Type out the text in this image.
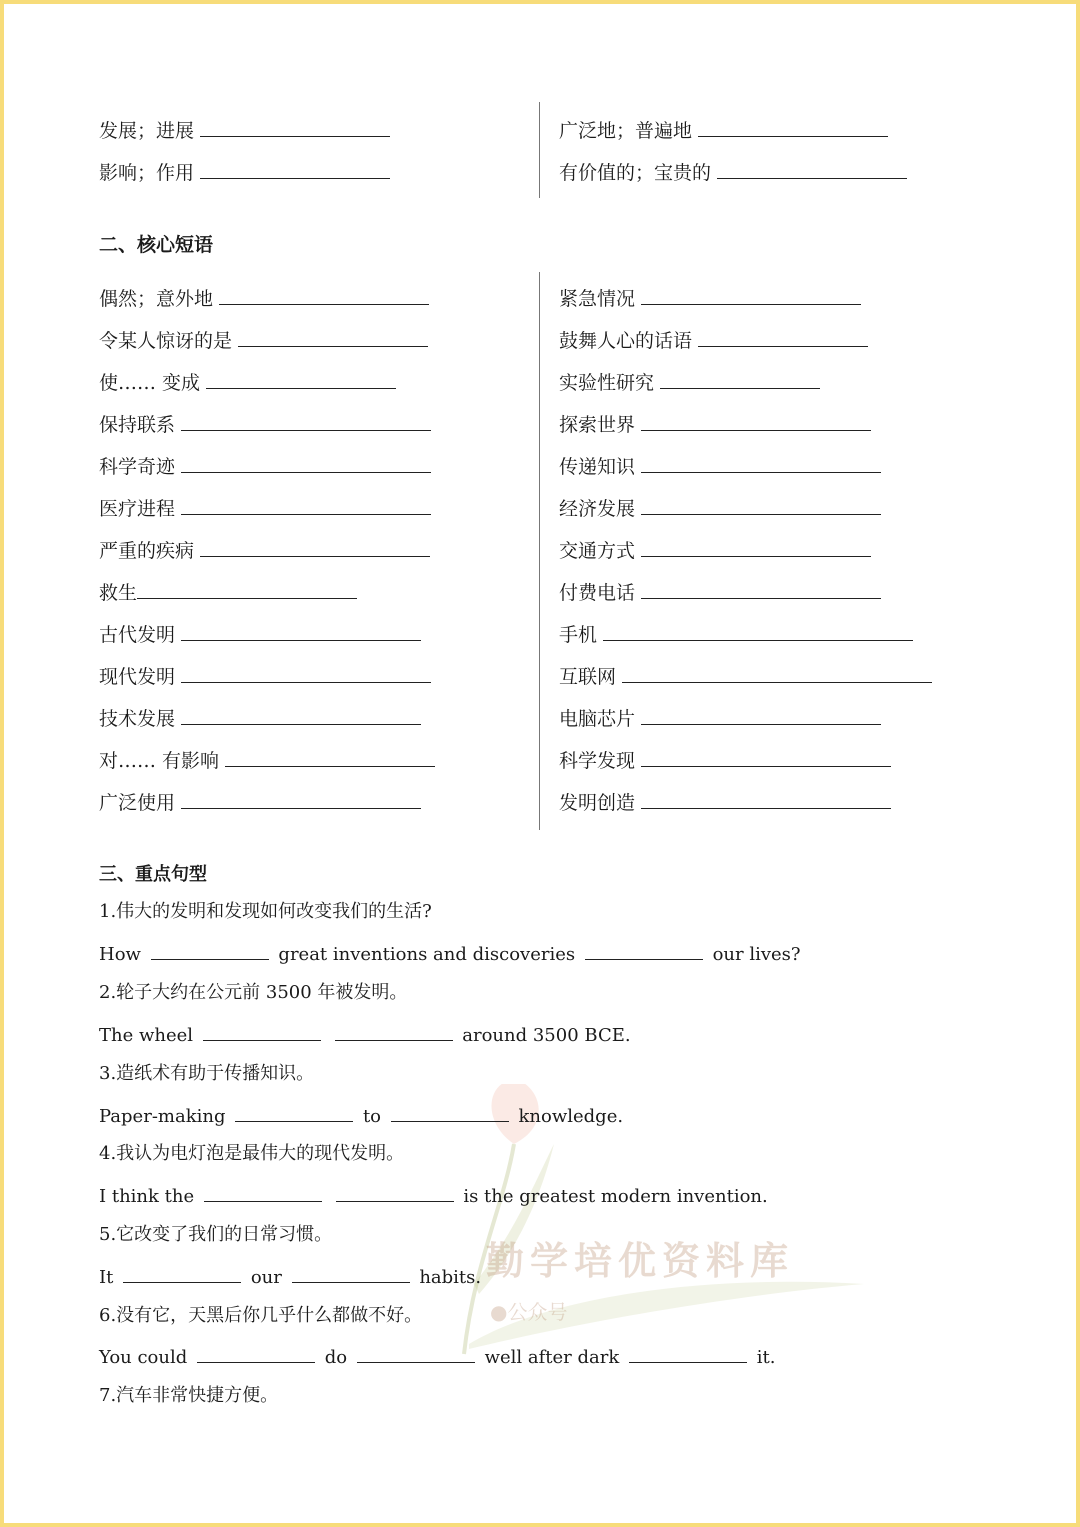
发展；进展
影响；作用
广泛地；普遍地
有价值的；宝贵的
二、核心短语
偶然；意外地
令某人惊讶的是
使…… 变成
保持联系
科学奇迹
医疗进程
严重的疾病
救生
古代发明
现代发明
技术发展
对…… 有影响
广泛使用
紧急情况
鼓舞人心的话语
实验性研究
探索世界
传递知识
经济发展
交通方式
付费电话
手机
互联网
电脑芯片
科学发现
发明创造
勤学培优资料库
●公众号
三、重点句型
1.伟大的发明和发现如何改变我们的生活?
How	great inventions and discoveries	our lives?
2.轮子大约在公元前 3500 年被发明。
The wheel	around 3500 BCE.
3.造纸术有助于传播知识。
Paper-making	to	knowledge.
4.我认为电灯泡是最伟大的现代发明。
I think the	is the greatest modern invention.
5.它改变了我们的日常习惯。
It	our	habits.
6.没有它，天黑后你几乎什么都做不好。
You could	do	well after dark	it.
7.汽车非常快捷方便。
